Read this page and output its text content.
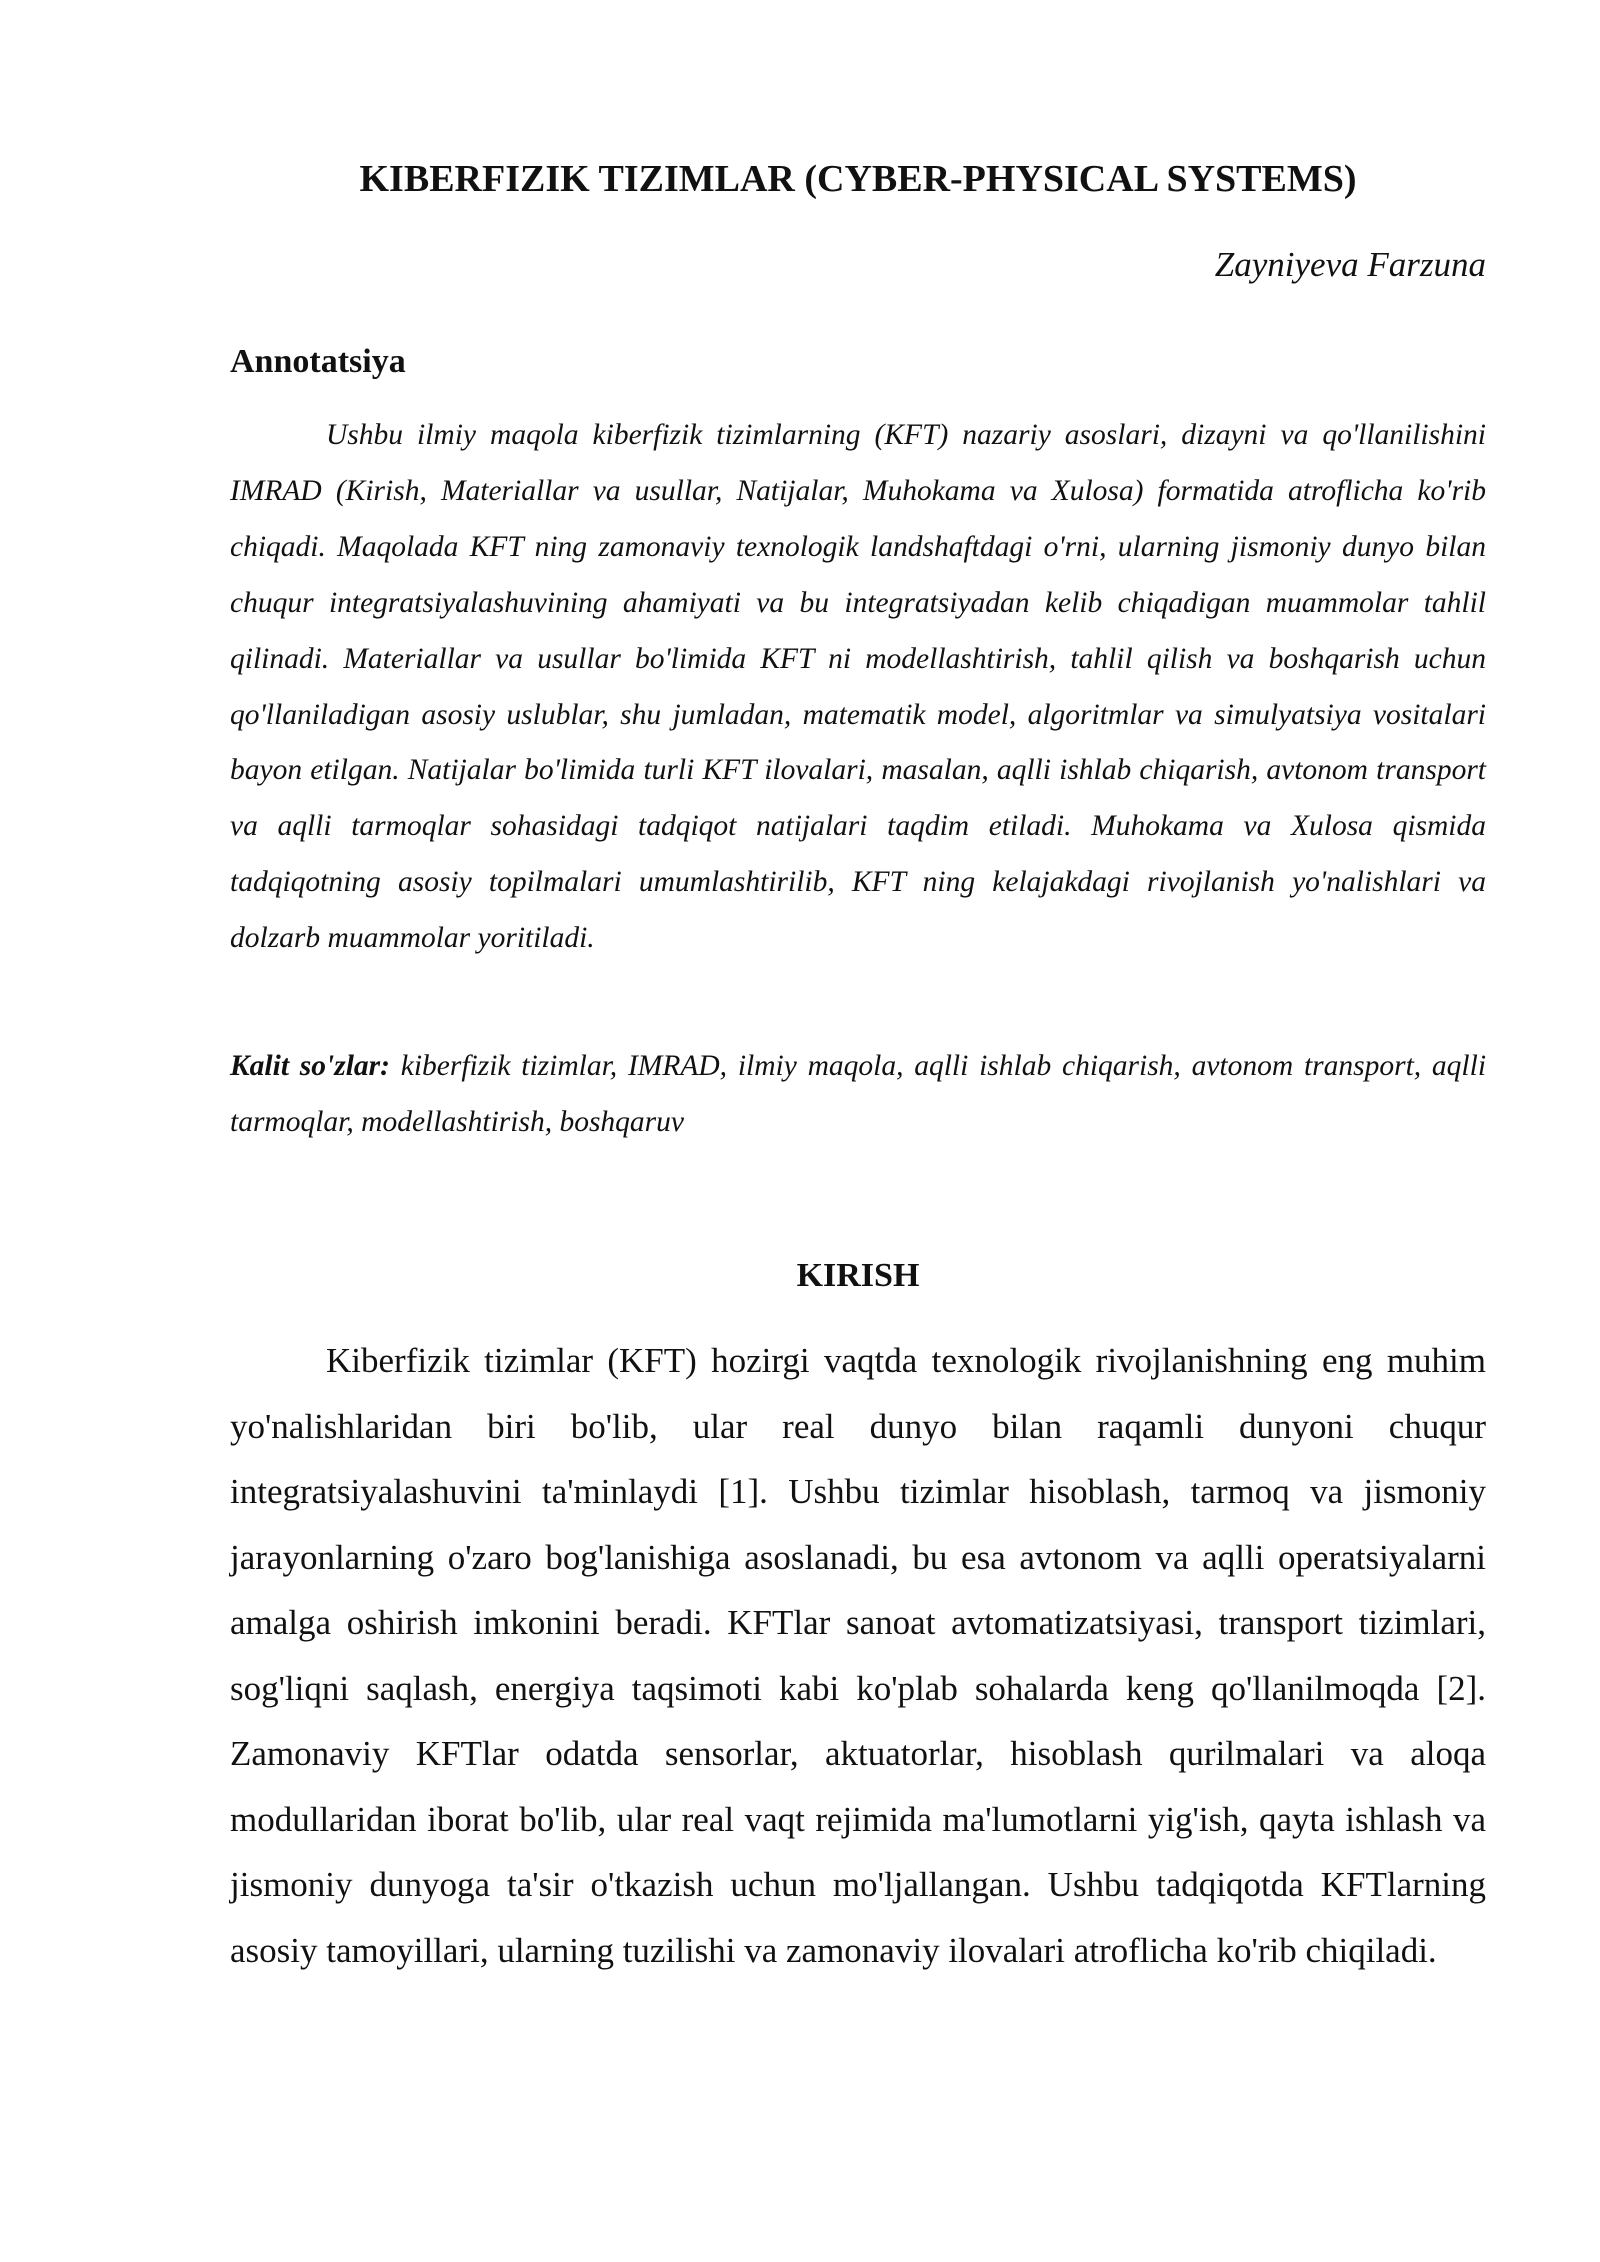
KIBERFIZIK TIZIMLAR (CYBER-PHYSICAL SYSTEMS)

Zayniyeva Farzuna

Annotatsiya

Ushbu ilmiy maqola kiberfizik tizimlarning (KFT) nazariy asoslari, dizayni va qo'llanilishini IMRAD (Kirish, Materiallar va usullar, Natijalar, Muhokama va Xulosa) formatida atroflicha ko'rib chiqadi. Maqolada KFT ning zamonaviy texnologik landshaftdagi o'rni, ularning jismoniy dunyo bilan chuqur integratsiyalashuvining ahamiyati va bu integratsiyadan kelib chiqadigan muammolar tahlil qilinadi. Materiallar va usullar bo'limida KFT ni modellashtirish, tahlil qilish va boshqarish uchun qo'llaniladigan asosiy uslublar, shu jumladan, matematik model, algoritmlar va simulyatsiya vositalari bayon etilgan. Natijalar bo'limida turli KFT ilovalari, masalan, aqlli ishlab chiqarish, avtonom transport va aqlli tarmoqlar sohasidagi tadqiqot natijalari taqdim etiladi. Muhokama va Xulosa qismida tadqiqotning asosiy topilmalari umumlashtirilib, KFT ning kelajakdagi rivojlanish yo'nalishlari va dolzarb muammolar yoritiladi.

Kalit so'zlar: kiberfizik tizimlar, IMRAD, ilmiy maqola, aqlli ishlab chiqarish, avtonom transport, aqlli tarmoqlar, modellashtirish, boshqaruv

KIRISH

Kiberfizik tizimlar (KFT) hozirgi vaqtda texnologik rivojlanishning eng muhim yo'nalishlaridan biri bo'lib, ular real dunyo bilan raqamli dunyoni chuqur integratsiyalashuvini ta'minlaydi [1]. Ushbu tizimlar hisoblash, tarmoq va jismoniy jarayonlarning o'zaro bog'lanishiga asoslanadi, bu esa avtonom va aqlli operatsiyalarni amalga oshirish imkonini beradi. KFTlar sanoat avtomatizatsiyasi, transport tizimlari, sog'liqni saqlash, energiya taqsimoti kabi ko'plab sohalarda keng qo'llanilmoqda [2]. Zamonaviy KFTlar odatda sensorlar, aktuatorlar, hisoblash qurilmalari va aloqa modullaridan iborat bo'lib, ular real vaqt rejimida ma'lumotlarni yig'ish, qayta ishlash va jismoniy dunyoga ta'sir o'tkazish uchun mo'ljallangan. Ushbu tadqiqotda KFTlarning asosiy tamoyillari, ularning tuzilishi va zamonaviy ilovalari atroflicha ko'rib chiqiladi.
